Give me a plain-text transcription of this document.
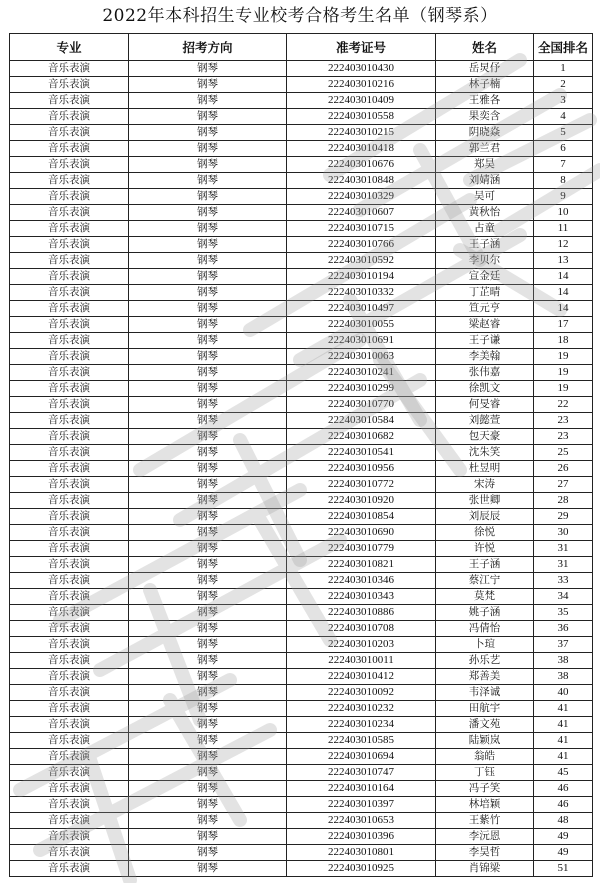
2022年本科招生专业校考合格考生名单（钢琴系）
专业	招考方向	准考证号	姓名	全国排名
音乐表演	钢琴	222403010430	岳炅伃	1
音乐表演	钢琴	222403010216	林子楠	2
音乐表演	钢琴	222403010409	王雅各	3
音乐表演	钢琴	222403010558	果奕含	4
音乐表演	钢琴	222403010215	阴晓焱	5
音乐表演	钢琴	222403010418	郭兰君	6
音乐表演	钢琴	222403010676	郑昊	7
音乐表演	钢琴	222403010848	刘婧涵	8
音乐表演	钢琴	222403010329	吴可	9
音乐表演	钢琴	222403010607	黄秋怡	10
音乐表演	钢琴	222403010715	占童	11
音乐表演	钢琴	222403010766	王子涵	12
音乐表演	钢琴	222403010592	李贝尔	13
音乐表演	钢琴	222403010194	宣金廷	14
音乐表演	钢琴	222403010332	丁芷晴	14
音乐表演	钢琴	222403010497	笪元亨	14
音乐表演	钢琴	222403010055	梁赵睿	17
音乐表演	钢琴	222403010691	王子谦	18
音乐表演	钢琴	222403010063	李美翰	19
音乐表演	钢琴	222403010241	张伟嘉	19
音乐表演	钢琴	222403010299	徐凯文	19
音乐表演	钢琴	222403010770	何旻睿	22
音乐表演	钢琴	222403010584	刘懿萱	23
音乐表演	钢琴	222403010682	包天豪	23
音乐表演	钢琴	222403010541	沈朱笑	25
音乐表演	钢琴	222403010956	杜昱明	26
音乐表演	钢琴	222403010772	宋涛	27
音乐表演	钢琴	222403010920	张世卿	28
音乐表演	钢琴	222403010854	刘辰辰	29
音乐表演	钢琴	222403010690	徐悦	30
音乐表演	钢琴	222403010779	许悦	31
音乐表演	钢琴	222403010821	王子涵	31
音乐表演	钢琴	222403010346	蔡江宁	33
音乐表演	钢琴	222403010343	莫梵	34
音乐表演	钢琴	222403010886	姚子涵	35
音乐表演	钢琴	222403010708	冯倩怡	36
音乐表演	钢琴	222403010203	卜瑄	37
音乐表演	钢琴	222403010011	孙乐艺	38
音乐表演	钢琴	222403010412	郑善美	38
音乐表演	钢琴	222403010092	韦泽诚	40
音乐表演	钢琴	222403010232	田航宇	41
音乐表演	钢琴	222403010234	潘文苑	41
音乐表演	钢琴	222403010585	陆颖岚	41
音乐表演	钢琴	222403010694	翁皓	41
音乐表演	钢琴	222403010747	丁钰	45
音乐表演	钢琴	222403010164	冯子笑	46
音乐表演	钢琴	222403010397	林培颖	46
音乐表演	钢琴	222403010653	王紫竹	48
音乐表演	钢琴	222403010396	李沅恩	49
音乐表演	钢琴	222403010801	李昊哲	49
音乐表演	钢琴	222403010925	肖锦梁	51
